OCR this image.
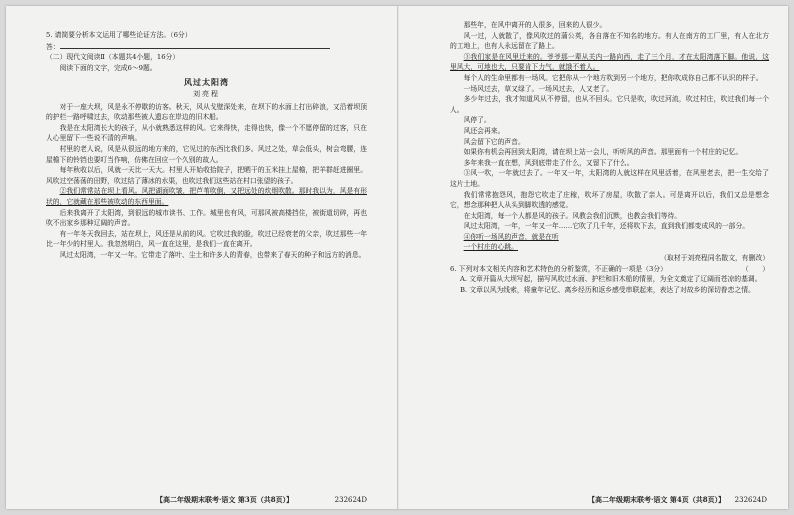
5. 请简要分析本文运用了哪些论证方法。（6分）

答：

（二）现代文阅读Ⅱ（本题共4小题，16分）

阅读下面的文字，完成6～9题。

风过太阳湾
刘亮程

对于一座大坝，风是永不停歇的访客。秋天，风从戈壁深处来，在坝下的水面上打出碎浪，又沿着坝顶的护栏一路呼啸过去，吹动那些被人遗忘在岸边的旧木船。

我是在太阳湾长大的孩子，从小就熟悉这样的风。它来得快，走得也快，像一个不愿停留的过客，只在人心里留下一些说不清的声响。

村里的老人说，风是从很远的地方来的，它见过的东西比我们多。风过之处，草会低头，树会弯腰，连屋檐下的铃铛也要叮当作响，仿佛在回应一个久别的故人。

每年秋收以后，风就一天比一天大。村里人开始收拾院子，把晒干的玉米挂上屋檐，把羊群赶进圈里。风吹过空荡荡的田野，吹过结了薄冰的水渠，也吹过我们这些站在村口张望的孩子。

②我们常常站在坝上看风。风把湖面吹皱，把芦苇吹倒，又把远处的炊烟吹散。那时我以为，风是有形状的，它就藏在那些被吹动的东西里面。

后来我离开了太阳湾，到很远的城市读书、工作。城里也有风，可那风被高楼挡住，被街道切碎，再也吹不出家乡那种辽阔的声音。

有一年冬天我回去，站在坝上，风还是从前的风。它吹过我的脸，吹过已经衰老的父亲，吹过那些一年比一年少的村里人。我忽然明白，风一直在这里，是我们一直在离开。

风过太阳湾，一年又一年。它带走了落叶、尘土和许多人的青春，也带来了春天的种子和远方的消息。

【高二年级期末联考·语文 第3页（共8页）】	232624D

那些年，在风中离开的人很多，回来的人很少。

风一过，人就散了，像风吹过的蒲公英，各自落在不知名的地方。有人在南方的工厂里，有人在北方的工地上，也有人永远留在了路上。

③我们家是在风里迁来的。爷爷那一辈从关内一路向西，走了三个月，才在太阳湾落下脚。他说，这里风大，可地也大，只要肯下力气，就饿不着人。

每个人的生命里都有一场风。它把你从一个地方吹到另一个地方，把你吹成你自己都不认识的样子。

一场风过去，草又绿了。一场风过去，人又老了。

多少年过去，我才知道风从不停留，也从不回头。它只是吹，吹过河流，吹过村庄，吹过我们每一个人。

风停了。

风还会再来。

风会留下它的声音。

如果你有机会再回到太阳湾，请在坝上站一会儿，听听风的声音。那里面有一个村庄的记忆。

多年来我一直在想，风到底带走了什么，又留下了什么。

③风一吹，一年就过去了。一年又一年，太阳湾的人就这样在风里活着，在风里老去，把一生交给了这片土地。

我们常常抱怨风，抱怨它吹走了庄稼，吹坏了房屋，吹散了亲人。可是离开以后，我们又总是想念它，想念那种把人从头到脚吹透的感觉。

在太阳湾，每一个人都是风的孩子。风教会我们沉默，也教会我们等待。

风过太阳湾，一年，一年又一年……它吹了几千年，还将吹下去，直到我们都变成风的一部分。

④你听一场风的声音，就是在听

一个村庄的心跳。

（取材于刘亮程同名散文，有删改）

6. 下列对本文相关内容和艺术特色的分析鉴赏，不正确的一项是（3分）	（　　）

A. 文章开篇从大坝写起，描写风吹过水面、护栏和旧木船的情景，为全文奠定了辽阔而苍凉的基调。

B. 文章以风为线索，将童年记忆、离乡经历和返乡感受串联起来，表达了对故乡的深切眷恋之情。

【高二年级期末联考·语文 第4页（共8页）】 232624D
